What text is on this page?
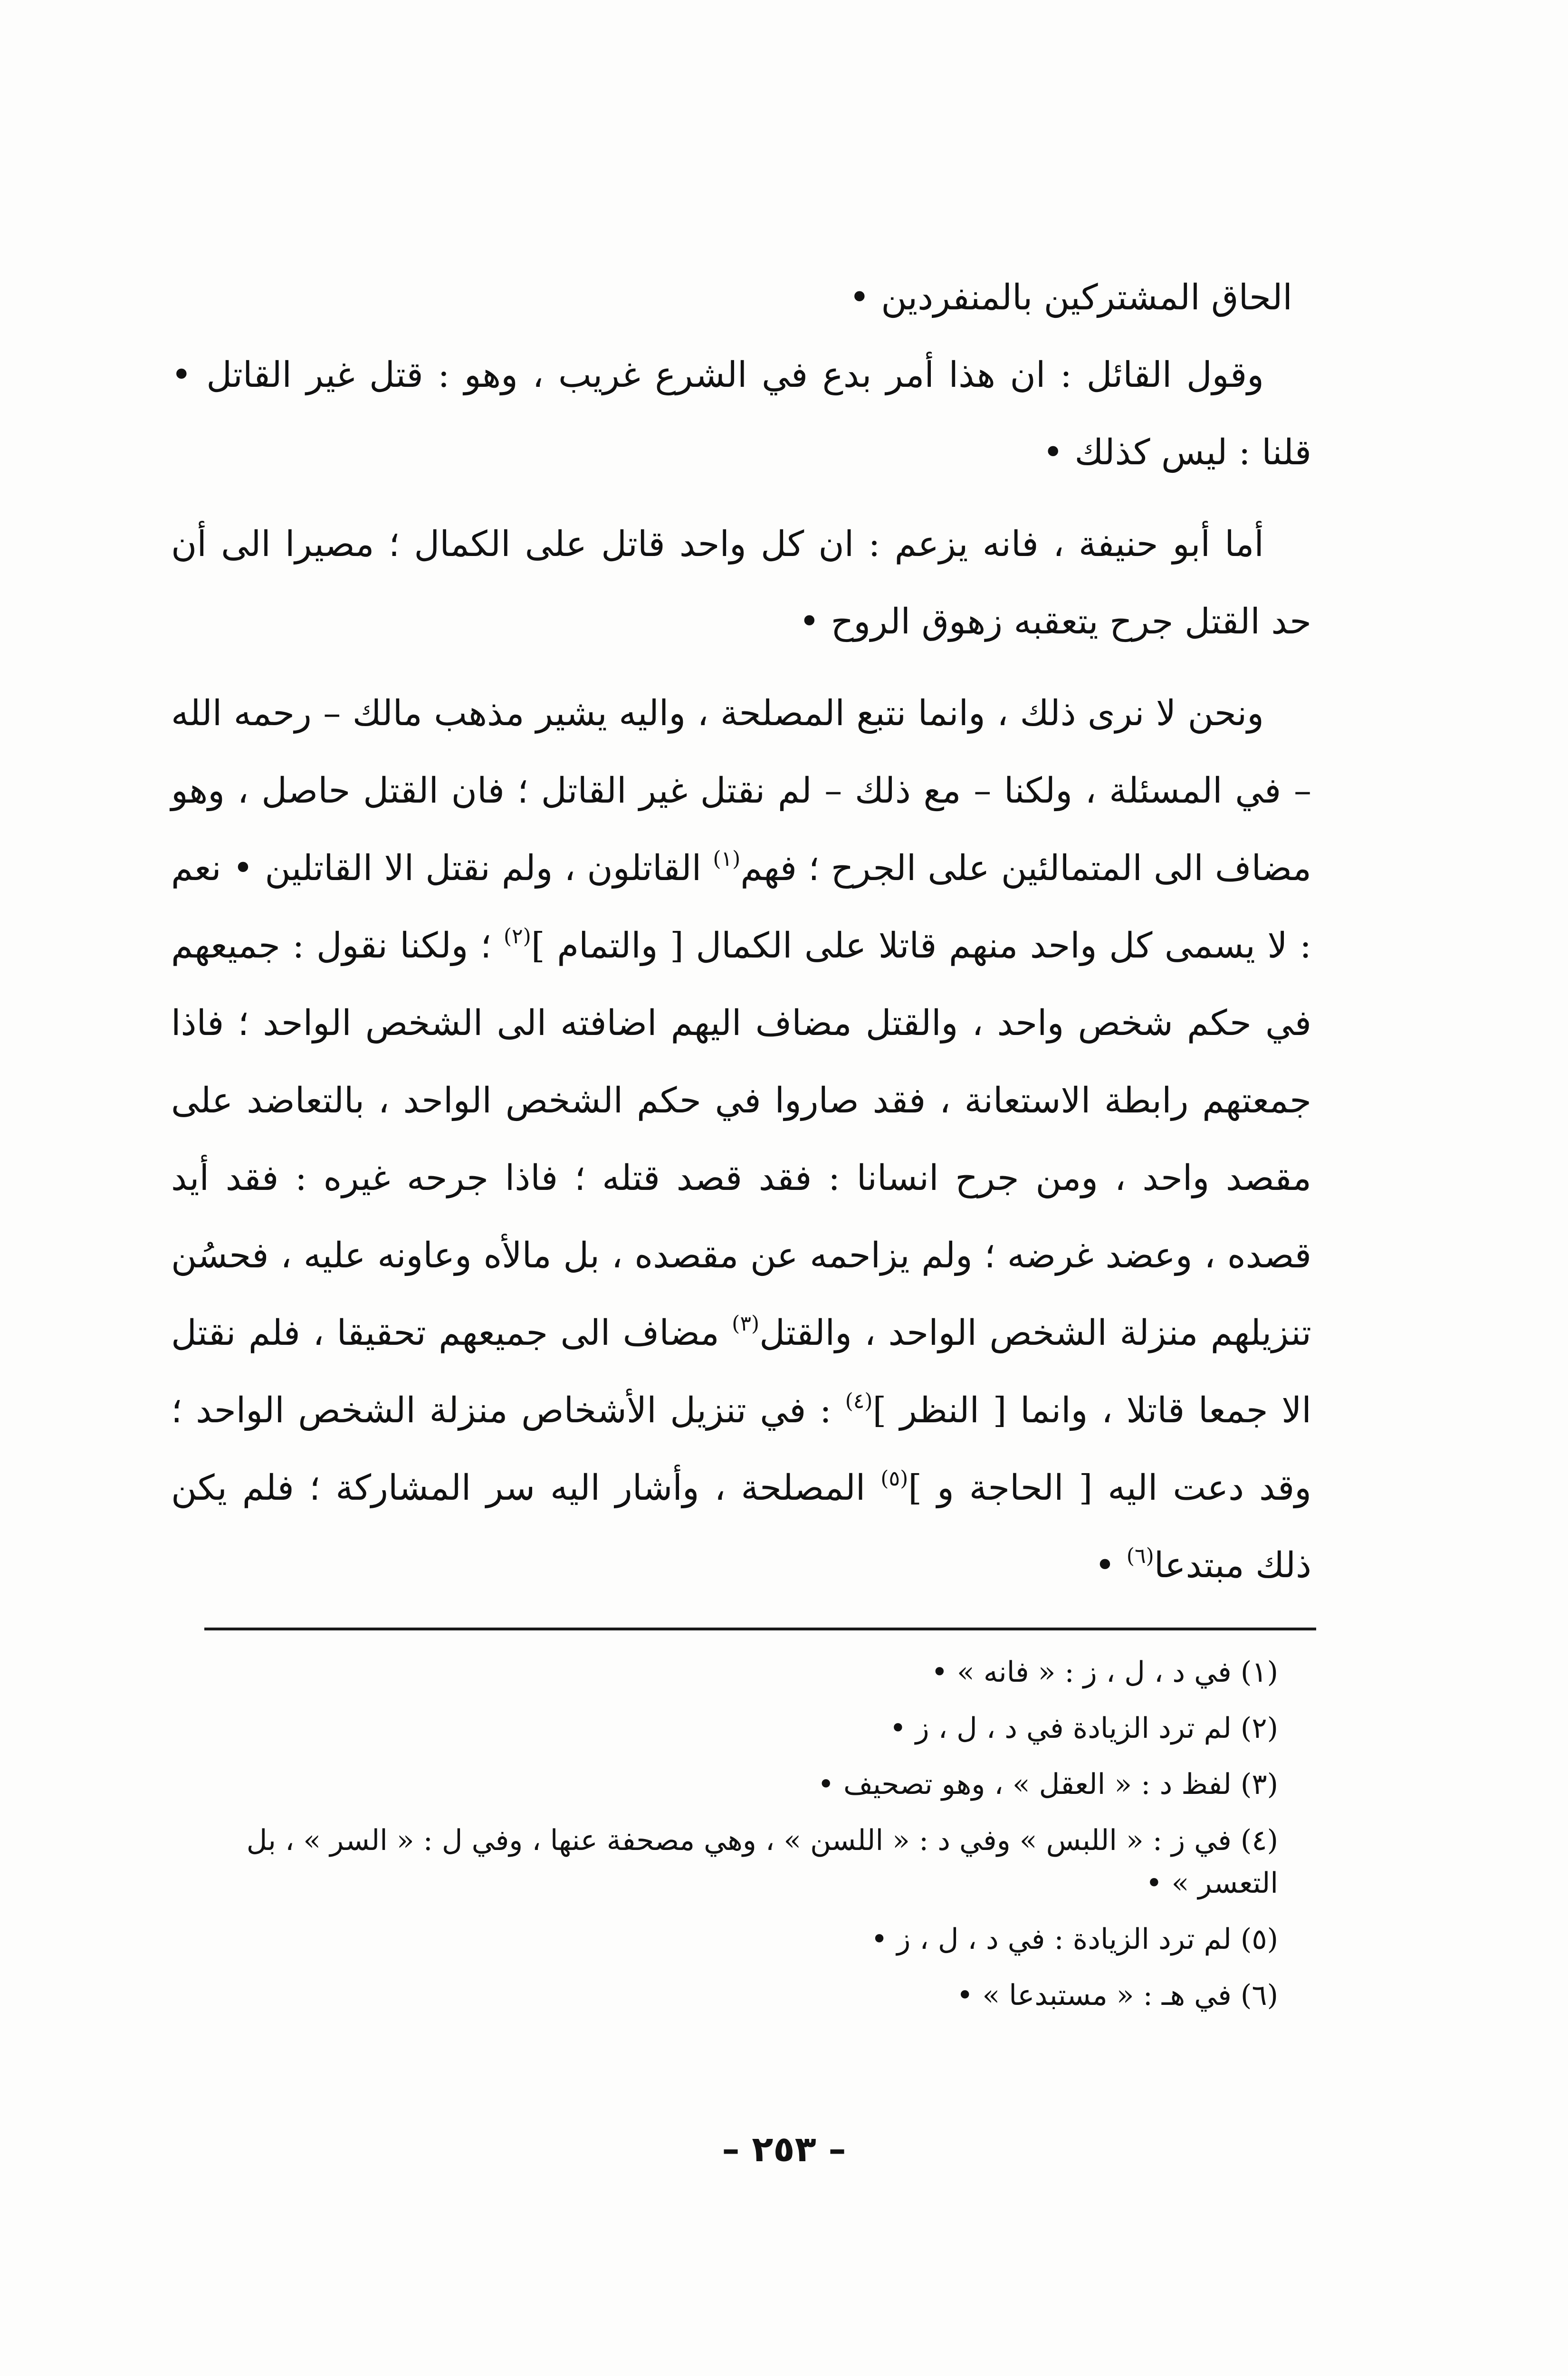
الحاق المشتركين بالمنفردين •

وقول القائل : ان هذا أمر بدع في الشرع غريب ، وهو : قتل غير القاتل • قلنا : ليس كذلك •

أما أبو حنيفة ، فانه يزعم : ان كل واحد قاتل على الكمال ؛ مصيرا الى أن حد القتل جرح يتعقبه زهوق الروح •

ونحن لا نرى ذلك ، وانما نتبع المصلحة ، واليه يشير مذهب مالك – رحمه الله – في المسئلة ، ولكنا – مع ذلك – لم نقتل غير القاتل ؛ فان القتل حاصل ، وهو مضاف الى المتمالئين على الجرح ؛ فهم$^{(١)}$ القاتلون ، ولم نقتل الا القاتلين • نعم : لا يسمى كل واحد منهم قاتلا على الكمال [ والتمام ]$^{(٢)}$ ؛ ولكنا نقول : جميعهم في حكم شخص واحد ، والقتل مضاف اليهم اضافته الى الشخص الواحد ؛ فاذا جمعتهم رابطة الاستعانة ، فقد صاروا في حكم الشخص الواحد ، بالتعاضد على مقصد واحد ، ومن جرح انسانا : فقد قصد قتله ؛ فاذا جرحه غيره : فقد أيد قصده ، وعضد غرضه ؛ ولم يزاحمه عن مقصده ، بل مالأه وعاونه عليه ، فحسُن تنزيلهم منزلة الشخص الواحد ، والقتل$^{(٣)}$ مضاف الى جميعهم تحقيقا ، فلم نقتل الا جمعا قاتلا ، وانما [ النظر ]$^{(٤)}$ : في تنزيل الأشخاص منزلة الشخص الواحد ؛ وقد دعت اليه [ الحاجة و ]$^{(٥)}$ المصلحة ، وأشار اليه سر المشاركة ؛ فلم يكن ذلك مبتدعا$^{(٦)}$ •

(١) في د ، ل ، ز : « فانه » •

(٢) لم ترد الزيادة في د ، ل ، ز •

(٣) لفظ د : « العقل » ، وهو تصحيف •

(٤) في ز : « اللبس » وفي د : « اللسن » ، وهي مصحفة عنها ، وفي ل : « السر » ، بل التعسر » •

(٥) لم ترد الزيادة : في د ، ل ، ز •

(٦) في هـ : « مستبدعا » •

– ٢٥٣ –
